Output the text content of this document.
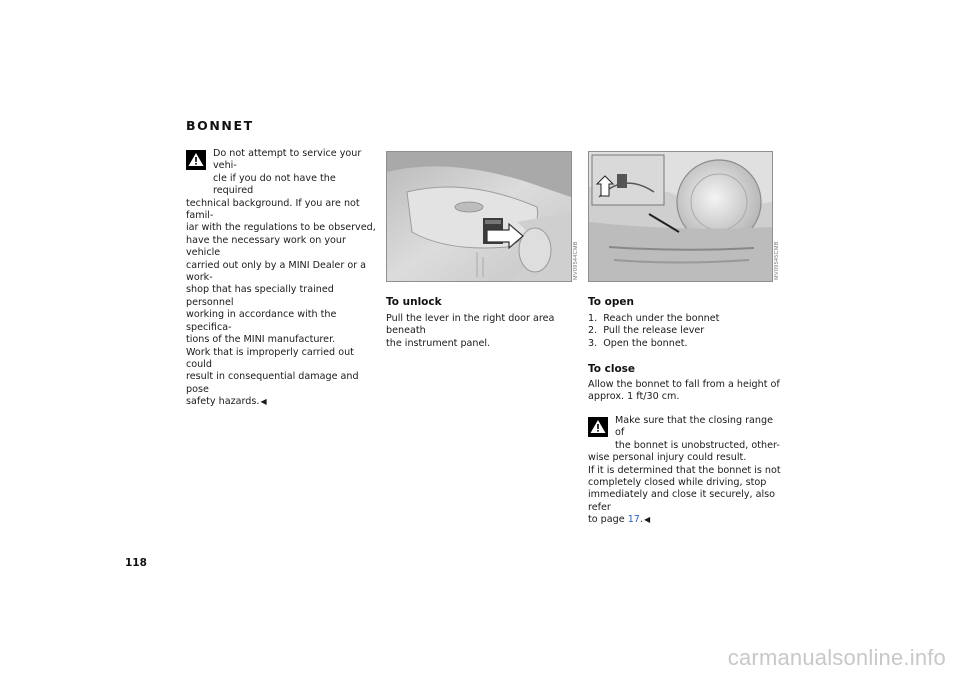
BONNET
Do not attempt to service your vehi-
cle if you do not have the required
technical background. If you are not famil-
iar with the regulations to be observed,
have the necessary work on your vehicle
carried out only by a MINI Dealer or a work-
shop that has specially trained personnel
working in accordance with the specifica-
tions of the MINI manufacturer.
Work that is improperly carried out could
result in consequential damage and pose
safety hazards.◀
MV09544CMB	MV09545CMB
To unlock
Pull the lever in the right door area beneath
the instrument panel.
To open
1.  Reach under the bonnet
2.  Pull the release lever
3.  Open the bonnet.
To close
Allow the bonnet to fall from a height of
approx. 1 ft/30 cm.
Make sure that the closing range of
the bonnet is unobstructed, other-
wise personal injury could result.
If it is determined that the bonnet is not
completely closed while driving, stop
immediately and close it securely, also refer
to page 17.◀
118
carmanualsonline.info
